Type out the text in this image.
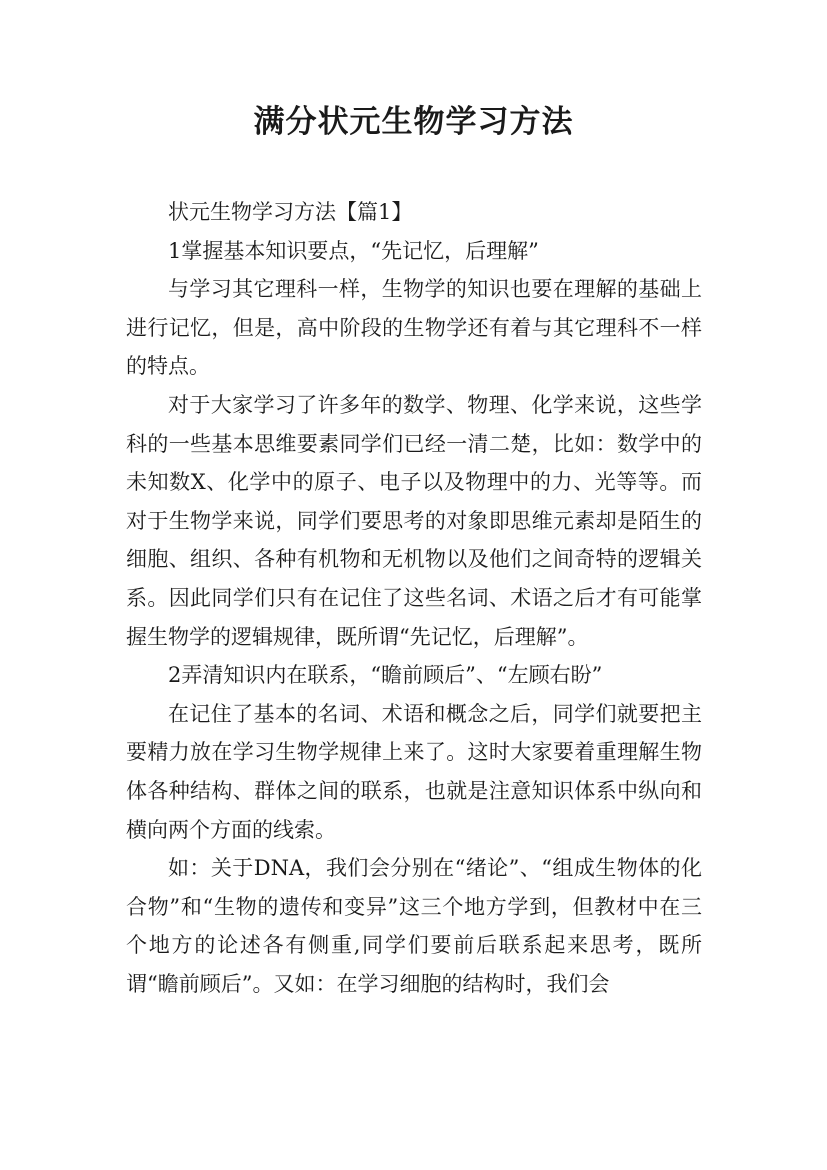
满分状元生物学习方法

状元生物学习方法【篇1】

1掌握基本知识要点，“先记忆，后理解”

与学习其它理科一样，生物学的知识也要在理解的基础上进行记忆，但是，高中阶段的生物学还有着与其它理科不一样的特点。

对于大家学习了许多年的数学、物理、化学来说，这些学科的一些基本思维要素同学们已经一清二楚，比如：数学中的未知数X、化学中的原子、电子以及物理中的力、光等等。而对于生物学来说，同学们要思考的对象即思维元素却是陌生的细胞、组织、各种有机物和无机物以及他们之间奇特的逻辑关系。因此同学们只有在记住了这些名词、术语之后才有可能掌握生物学的逻辑规律，既所谓“先记忆，后理解”。

2弄清知识内在联系，“瞻前顾后”、“左顾右盼”

在记住了基本的名词、术语和概念之后，同学们就要把主要精力放在学习生物学规律上来了。这时大家要着重理解生物体各种结构、群体之间的联系，也就是注意知识体系中纵向和横向两个方面的线索。

如：关于DNA，我们会分别在“绪论”、“组成生物体的化合物”和“生物的遗传和变异”这三个地方学到，但教材中在三个地方的论述各有侧重,同学们要前后联系起来思考，既所谓“瞻前顾后”。又如：在学习细胞的结构时，我们会
